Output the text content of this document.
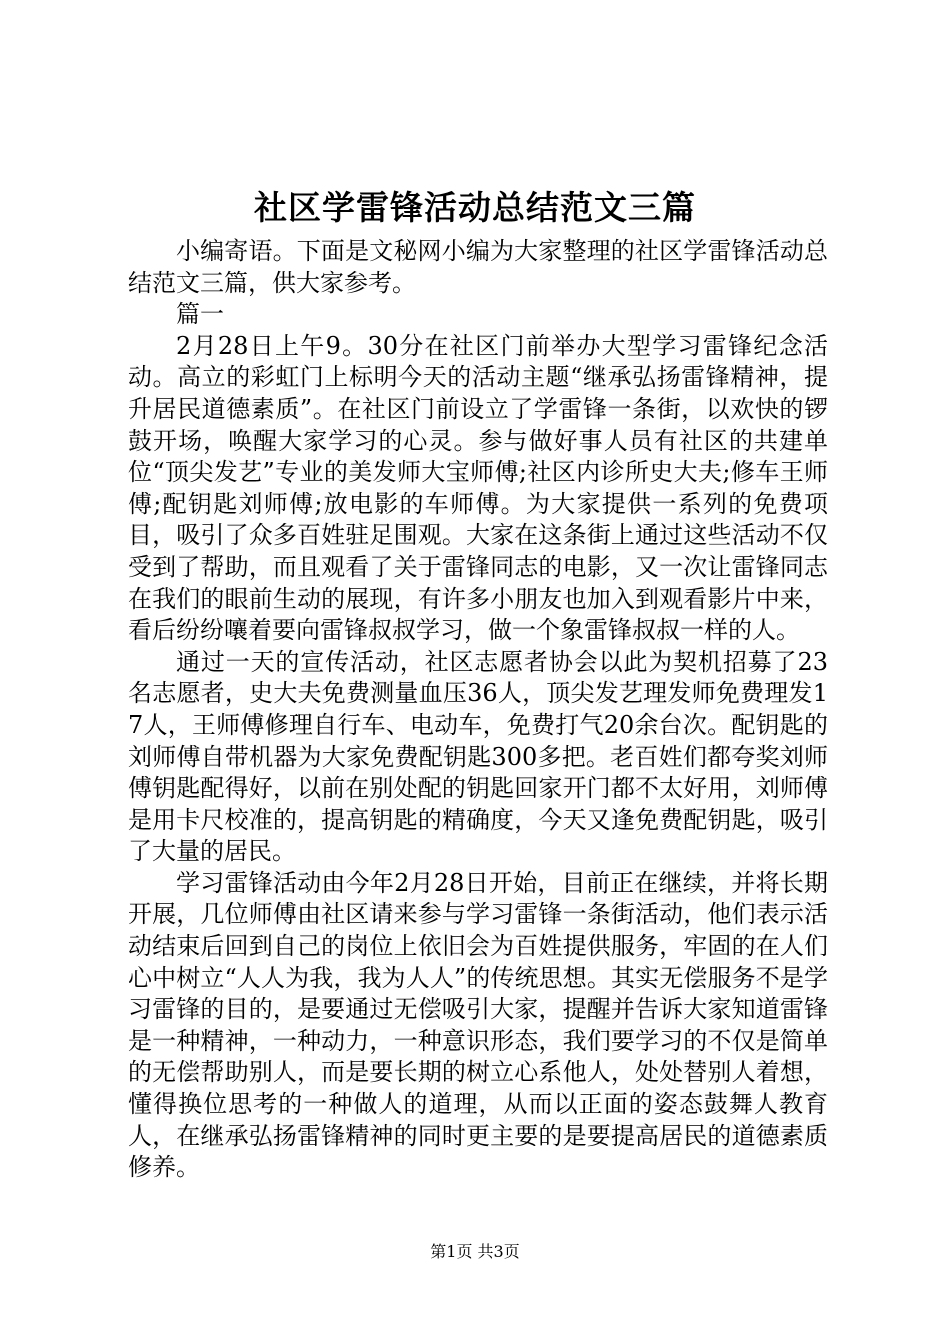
社区学雷锋活动总结范文三篇

小编寄语。下面是文秘网小编为大家整理的社区学雷锋活动总结范文三篇，供大家参考。

篇一

2月28日上午9。30分在社区门前举办大型学习雷锋纪念活动。高立的彩虹门上标明今天的活动主题“继承弘扬雷锋精神，提升居民道德素质”。在社区门前设立了学雷锋一条街，以欢快的锣鼓开场，唤醒大家学习的心灵。参与做好事人员有社区的共建单位“顶尖发艺”专业的美发师大宝师傅;社区内诊所史大夫;修车王师傅;配钥匙刘师傅;放电影的车师傅。为大家提供一系列的免费项目，吸引了众多百姓驻足围观。大家在这条街上通过这些活动不仅受到了帮助，而且观看了关于雷锋同志的电影，又一次让雷锋同志在我们的眼前生动的展现，有许多小朋友也加入到观看影片中来，看后纷纷嚷着要向雷锋叔叔学习，做一个象雷锋叔叔一样的人。

通过一天的宣传活动，社区志愿者协会以此为契机招募了23名志愿者，史大夫免费测量血压36人，顶尖发艺理发师免费理发17人，王师傅修理自行车、电动车，免费打气20余台次。配钥匙的刘师傅自带机器为大家免费配钥匙300多把。老百姓们都夸奖刘师傅钥匙配得好，以前在别处配的钥匙回家开门都不太好用，刘师傅是用卡尺校准的，提高钥匙的精确度，今天又逢免费配钥匙，吸引了大量的居民。

学习雷锋活动由今年2月28日开始，目前正在继续，并将长期开展，几位师傅由社区请来参与学习雷锋一条街活动，他们表示活动结束后回到自己的岗位上依旧会为百姓提供服务，牢固的在人们心中树立“人人为我，我为人人”的传统思想。其实无偿服务不是学习雷锋的目的，是要通过无偿吸引大家，提醒并告诉大家知道雷锋是一种精神，一种动力，一种意识形态，我们要学习的不仅是简单的无偿帮助别人，而是要长期的树立心系他人，处处替别人着想，懂得换位思考的一种做人的道理，从而以正面的姿态鼓舞人教育人，在继承弘扬雷锋精神的同时更主要的是要提高居民的道德素质修养。

第1页 共3页
